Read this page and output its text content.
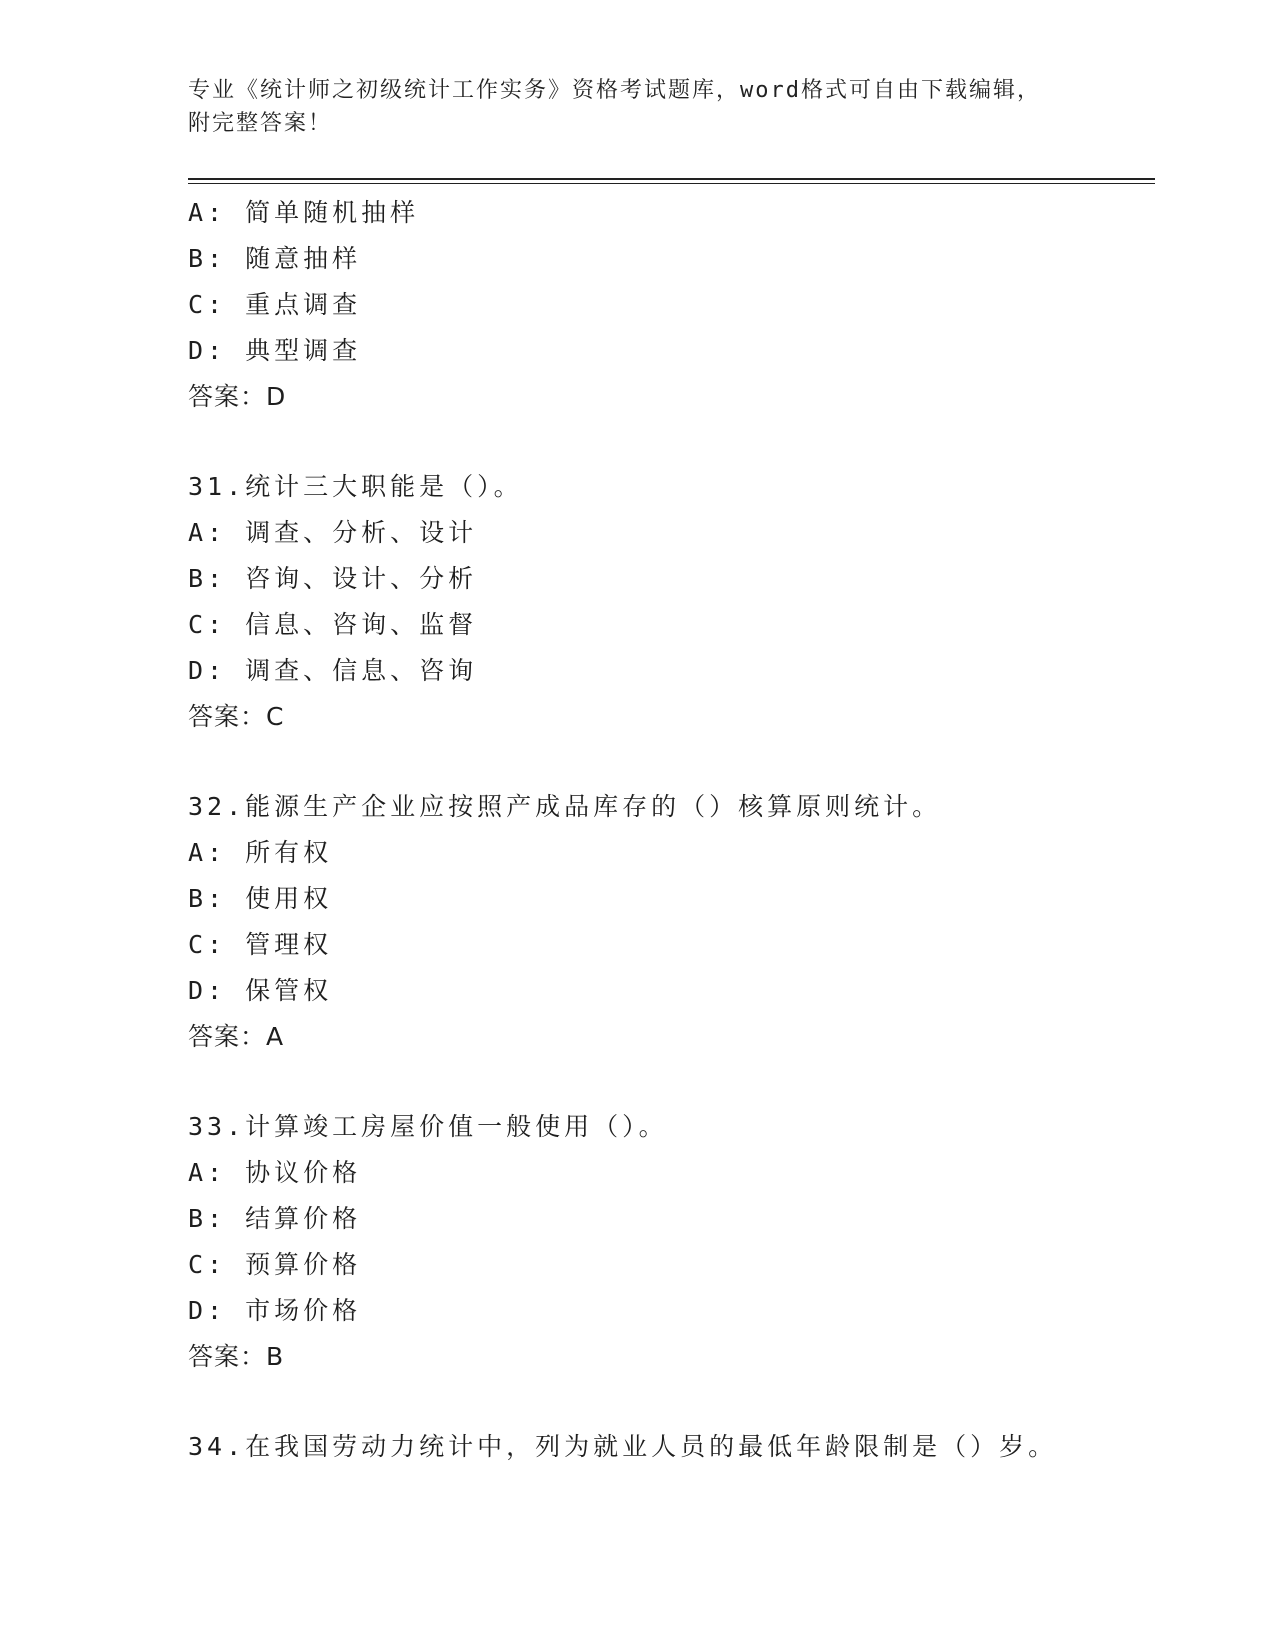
专业《统计师之初级统计工作实务》资格考试题库，word格式可自由下载编辑，
附完整答案！
A: 简单随机抽样
B: 随意抽样
C: 重点调查
D: 典型调查
答案：D
31.统计三大职能是（）。
A: 调查、分析、设计
B: 咨询、设计、分析
C: 信息、咨询、监督
D: 调查、信息、咨询
答案：C
32.能源生产企业应按照产成品库存的（）核算原则统计。
A: 所有权
B: 使用权
C: 管理权
D: 保管权
答案：A
33.计算竣工房屋价值一般使用（）。
A: 协议价格
B: 结算价格
C: 预算价格
D: 市场价格
答案：B
34.在我国劳动力统计中，列为就业人员的最低年龄限制是（）岁。
